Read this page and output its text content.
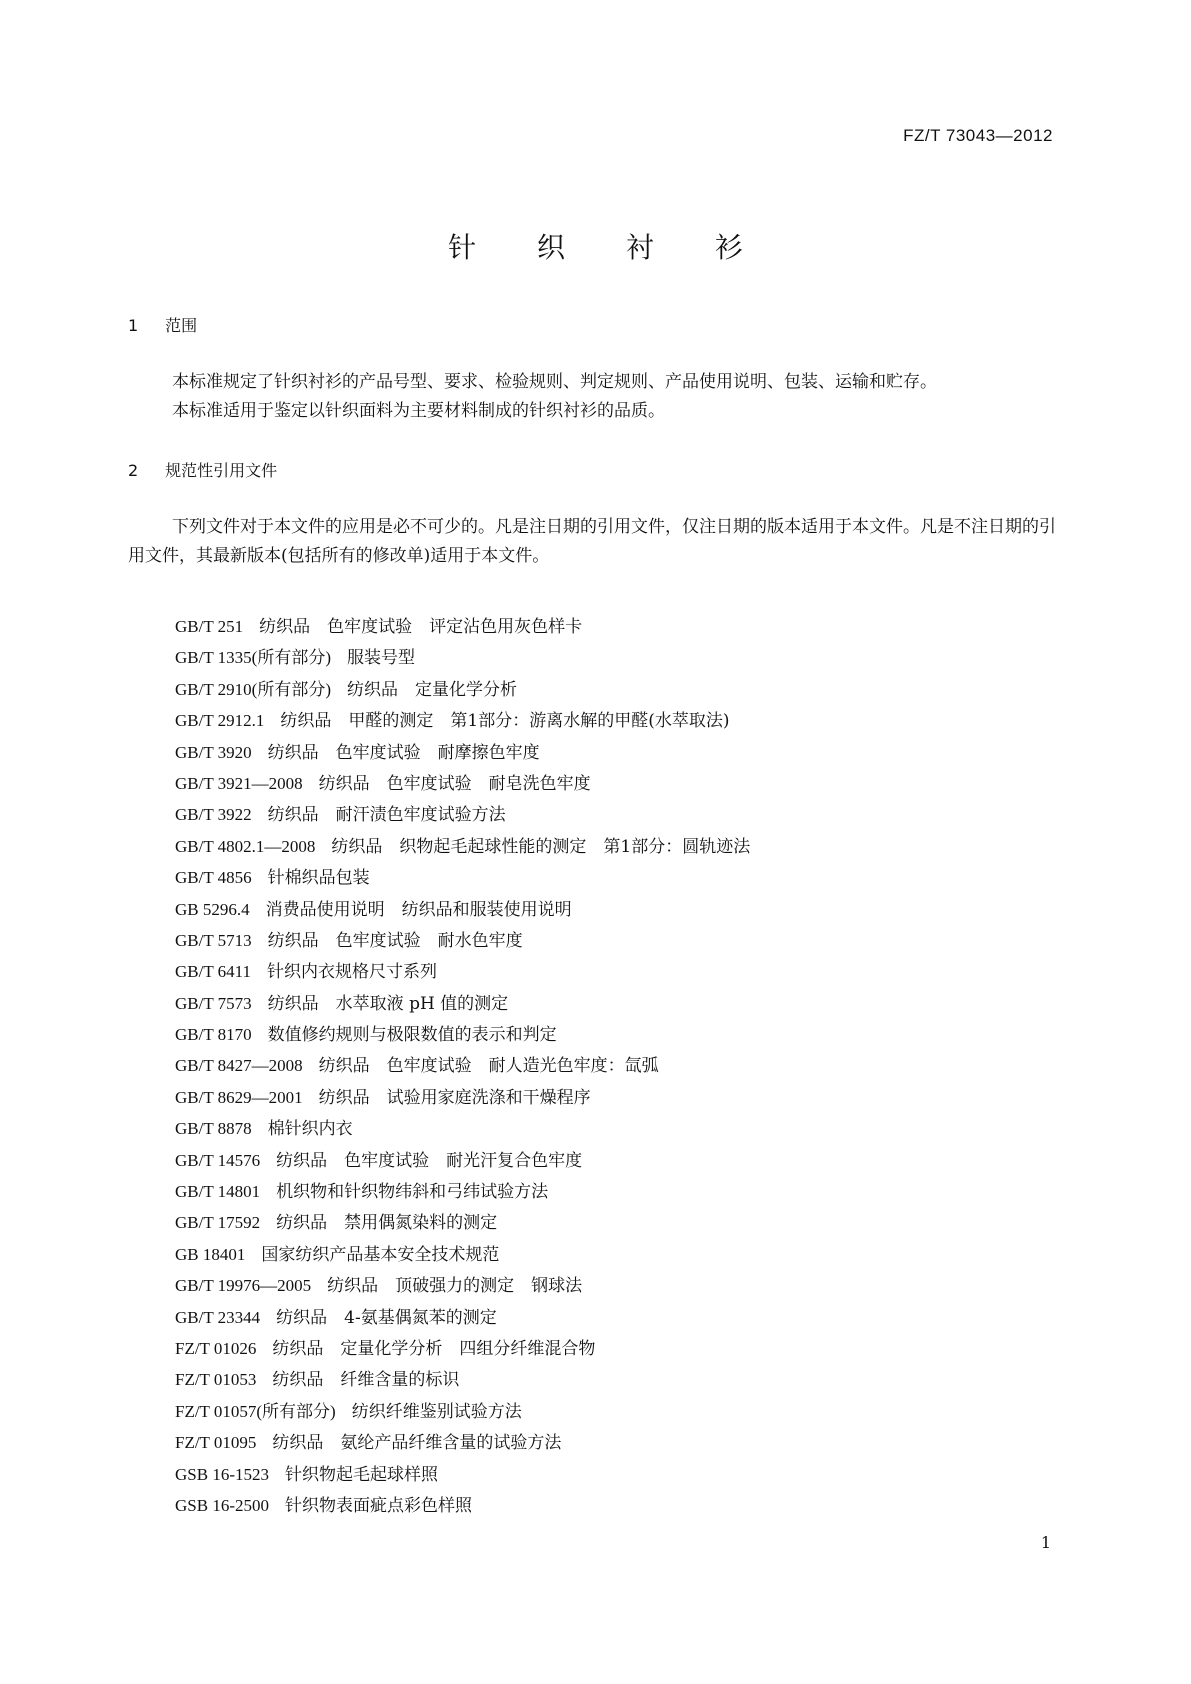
FZ/T 73043—2012
针 织 衬 衫
1 范围
本标准规定了针织衬衫的产品号型、要求、检验规则、判定规则、产品使用说明、包装、运输和贮存。
本标准适用于鉴定以针织面料为主要材料制成的针织衬衫的品质。
2 规范性引用文件
下列文件对于本文件的应用是必不可少的。凡是注日期的引用文件，仅注日期的版本适用于本文件。凡是不注日期的引用文件，其最新版本(包括所有的修改单)适用于本文件。
GB/T 251 纺织品　色牢度试验　评定沾色用灰色样卡
GB/T 1335(所有部分) 服装号型
GB/T 2910(所有部分) 纺织品　定量化学分析
GB/T 2912.1 纺织品　甲醛的测定　第1部分：游离水解的甲醛(水萃取法)
GB/T 3920 纺织品　色牢度试验　耐摩擦色牢度
GB/T 3921—2008 纺织品　色牢度试验　耐皂洗色牢度
GB/T 3922 纺织品　耐汗渍色牢度试验方法
GB/T 4802.1—2008 纺织品　织物起毛起球性能的测定　第1部分：圆轨迹法
GB/T 4856 针棉织品包装
GB 5296.4 消费品使用说明　纺织品和服装使用说明
GB/T 5713 纺织品　色牢度试验　耐水色牢度
GB/T 6411 针织内衣规格尺寸系列
GB/T 7573 纺织品　水萃取液 pH 值的测定
GB/T 8170 数值修约规则与极限数值的表示和判定
GB/T 8427—2008 纺织品　色牢度试验　耐人造光色牢度：氙弧
GB/T 8629—2001 纺织品　试验用家庭洗涤和干燥程序
GB/T 8878 棉针织内衣
GB/T 14576 纺织品　色牢度试验　耐光汗复合色牢度
GB/T 14801 机织物和针织物纬斜和弓纬试验方法
GB/T 17592 纺织品　禁用偶氮染料的测定
GB 18401 国家纺织产品基本安全技术规范
GB/T 19976—2005 纺织品　顶破强力的测定　钢球法
GB/T 23344 纺织品　4-氨基偶氮苯的测定
FZ/T 01026 纺织品　定量化学分析　四组分纤维混合物
FZ/T 01053 纺织品　纤维含量的标识
FZ/T 01057(所有部分) 纺织纤维鉴别试验方法
FZ/T 01095 纺织品　氨纶产品纤维含量的试验方法
GSB 16-1523 针织物起毛起球样照
GSB 16-2500 针织物表面疵点彩色样照
1
